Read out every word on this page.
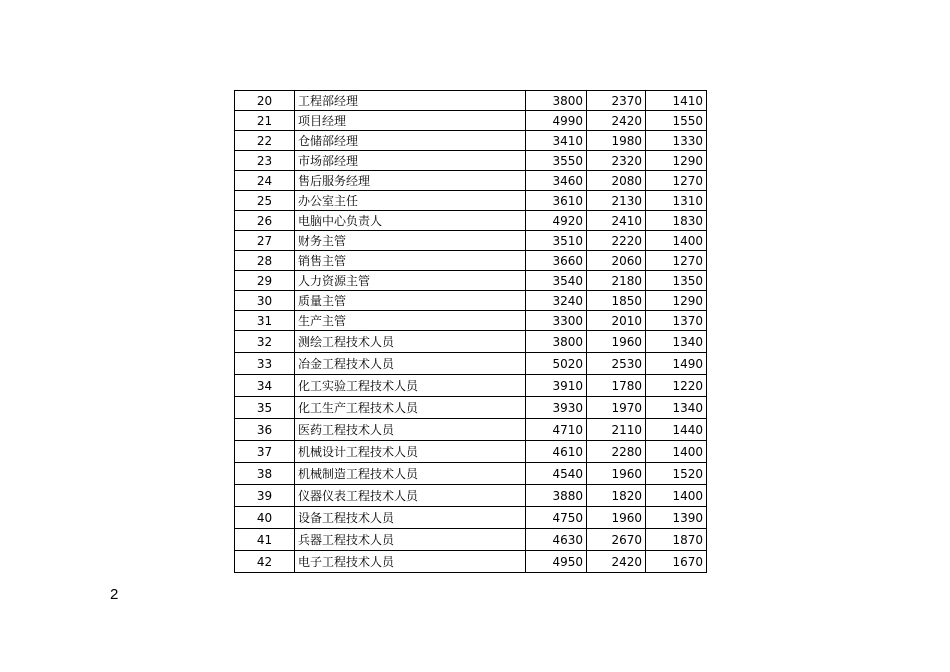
20	工程部经理	3800	2370	1410
21	项目经理	4990	2420	1550
22	仓储部经理	3410	1980	1330
23	市场部经理	3550	2320	1290
24	售后服务经理	3460	2080	1270
25	办公室主任	3610	2130	1310
26	电脑中心负责人	4920	2410	1830
27	财务主管	3510	2220	1400
28	销售主管	3660	2060	1270
29	人力资源主管	3540	2180	1350
30	质量主管	3240	1850	1290
31	生产主管	3300	2010	1370
32	测绘工程技术人员	3800	1960	1340
33	冶金工程技术人员	5020	2530	1490
34	化工实验工程技术人员	3910	1780	1220
35	化工生产工程技术人员	3930	1970	1340
36	医药工程技术人员	4710	2110	1440
37	机械设计工程技术人员	4610	2280	1400
38	机械制造工程技术人员	4540	1960	1520
39	仪器仪表工程技术人员	3880	1820	1400
40	设备工程技术人员	4750	1960	1390
41	兵器工程技术人员	4630	2670	1870
42	电子工程技术人员	4950	2420	1670
2
